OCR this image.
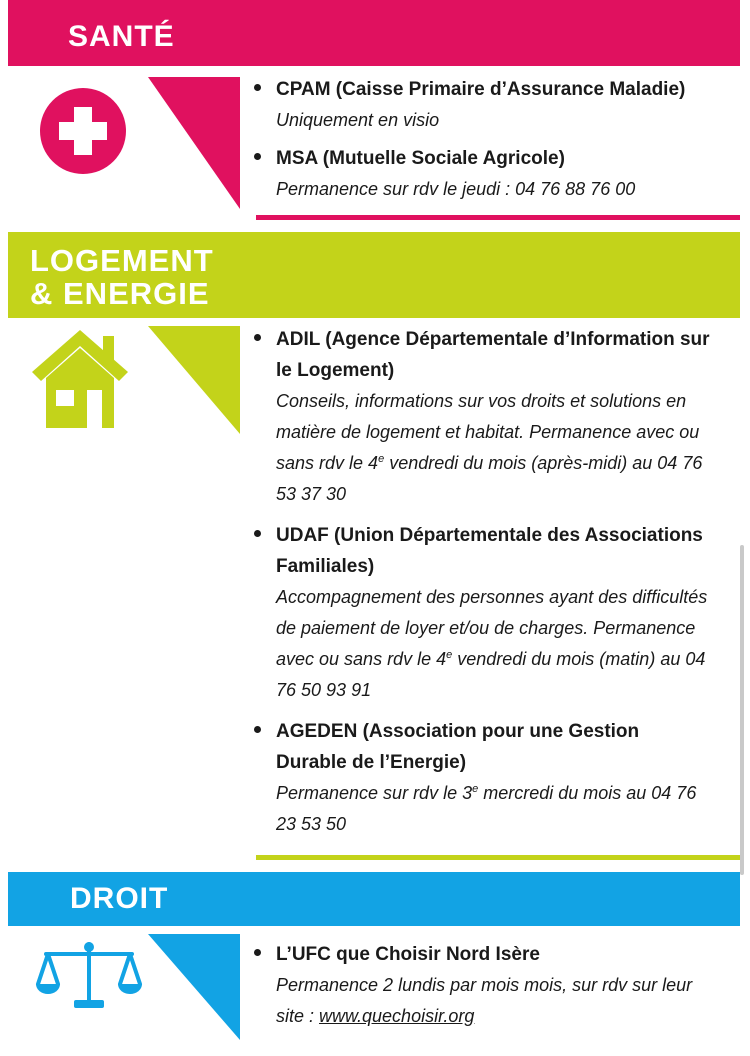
SANTÉ
CPAM (Caisse Primaire d’Assurance Maladie)
Uniquement en visio
MSA (Mutuelle Sociale Agricole)
Permanence sur rdv le jeudi : 04 76 88 76 00
LOGEMENT
& ENERGIE
ADIL (Agence Départementale d’Information sur le Logement)
Conseils, informations sur vos droits et solutions en matière de logement et habitat. Permanence avec ou sans rdv le 4e vendredi du mois (après-midi) au 04 76 53 37 30
UDAF (Union Départementale des Associations Familiales)
Accompagnement des personnes ayant des difficultés de paiement de loyer et/ou de charges. Permanence avec ou sans rdv le 4e vendredi du mois (matin) au 04 76 50 93 91
AGEDEN (Association pour une Gestion Durable de l’Energie)
Permanence sur rdv le 3e mercredi du mois au 04 76 23 53 50
DROIT
L’UFC que Choisir Nord Isère
Permanence 2 lundis par mois mois, sur rdv sur leur site : www.quechoisir.org
